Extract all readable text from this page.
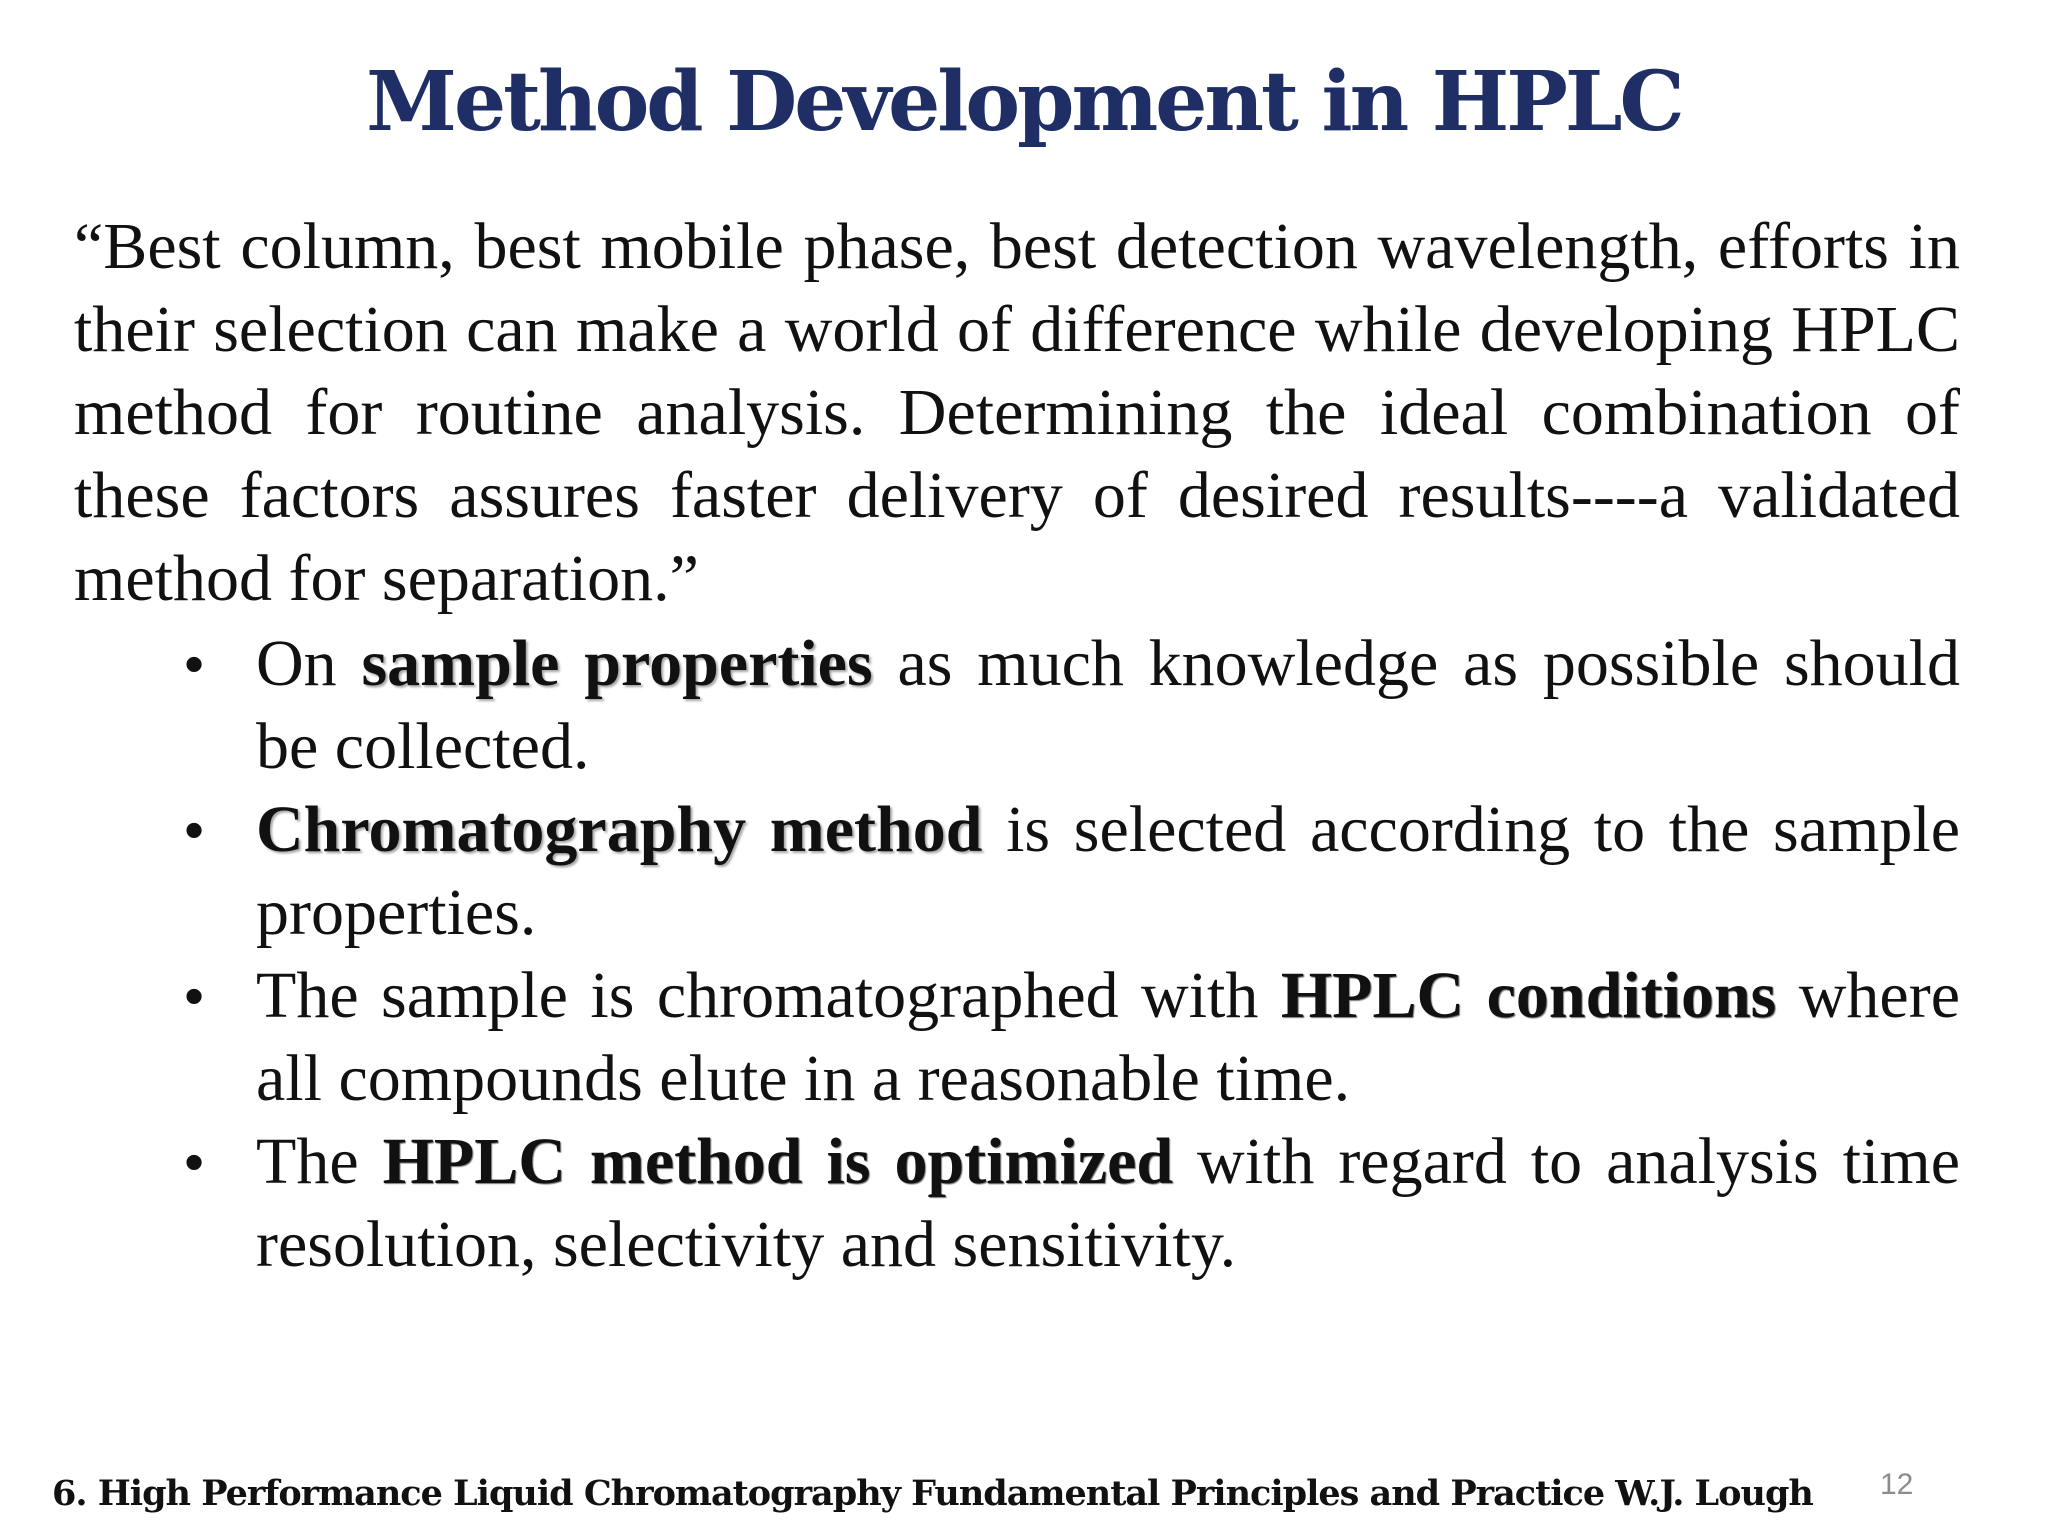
Method Development in HPLC

“Best column, best mobile phase, best detection wavelength, efforts in their selection can make a world of difference while developing HPLC method for routine analysis. Determining the ideal combination of these factors assures faster delivery of desired results----a validated method for separation.”

• On sample properties as much knowledge as possible should be collected.
• Chromatography method is selected according to the sample properties.
• The sample is chromatographed with HPLC conditions where all compounds elute in a reasonable time.
• The HPLC method is optimized with regard to analysis time resolution, selectivity and sensitivity.
6. High Performance Liquid Chromatography Fundamental Principles and Practice W.J. Lough 12
